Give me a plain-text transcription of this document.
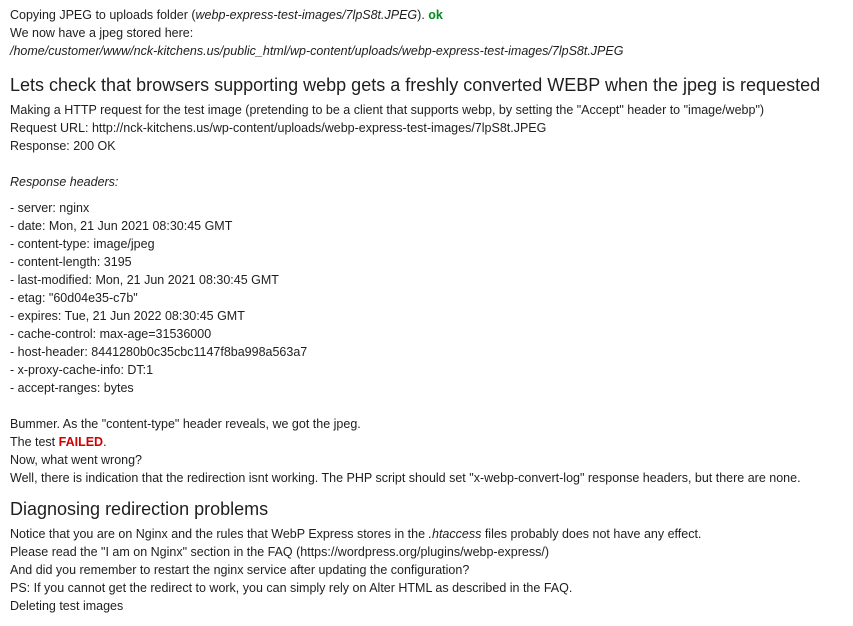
Copying JPEG to uploads folder (webp-express-test-images/7lpS8t.JPEG). ok
We now have a jpeg stored here:
/home/customer/www/nck-kitchens.us/public_html/wp-content/uploads/webp-express-test-images/7lpS8t.JPEG
Lets check that browsers supporting webp gets a freshly converted WEBP when the jpeg is requested
Making a HTTP request for the test image (pretending to be a client that supports webp, by setting the "Accept" header to "image/webp")
Request URL: http://nck-kitchens.us/wp-content/uploads/webp-express-test-images/7lpS8t.JPEG
Response: 200 OK
Response headers:
- server: nginx
- date: Mon, 21 Jun 2021 08:30:45 GMT
- content-type: image/jpeg
- content-length: 3195
- last-modified: Mon, 21 Jun 2021 08:30:45 GMT
- etag: "60d04e35-c7b"
- expires: Tue, 21 Jun 2022 08:30:45 GMT
- cache-control: max-age=31536000
- host-header: 8441280b0c35cbc1147f8ba998a563a7
- x-proxy-cache-info: DT:1
- accept-ranges: bytes
Bummer. As the "content-type" header reveals, we got the jpeg.
The test FAILED.
Now, what went wrong?
Well, there is indication that the redirection isnt working. The PHP script should set "x-webp-convert-log" response headers, but there are none.
Diagnosing redirection problems
Notice that you are on Nginx and the rules that WebP Express stores in the .htaccess files probably does not have any effect.
Please read the "I am on Nginx" section in the FAQ (https://wordpress.org/plugins/webp-express/)
And did you remember to restart the nginx service after updating the configuration?
PS: If you cannot get the redirect to work, you can simply rely on Alter HTML as described in the FAQ.
Deleting test images
